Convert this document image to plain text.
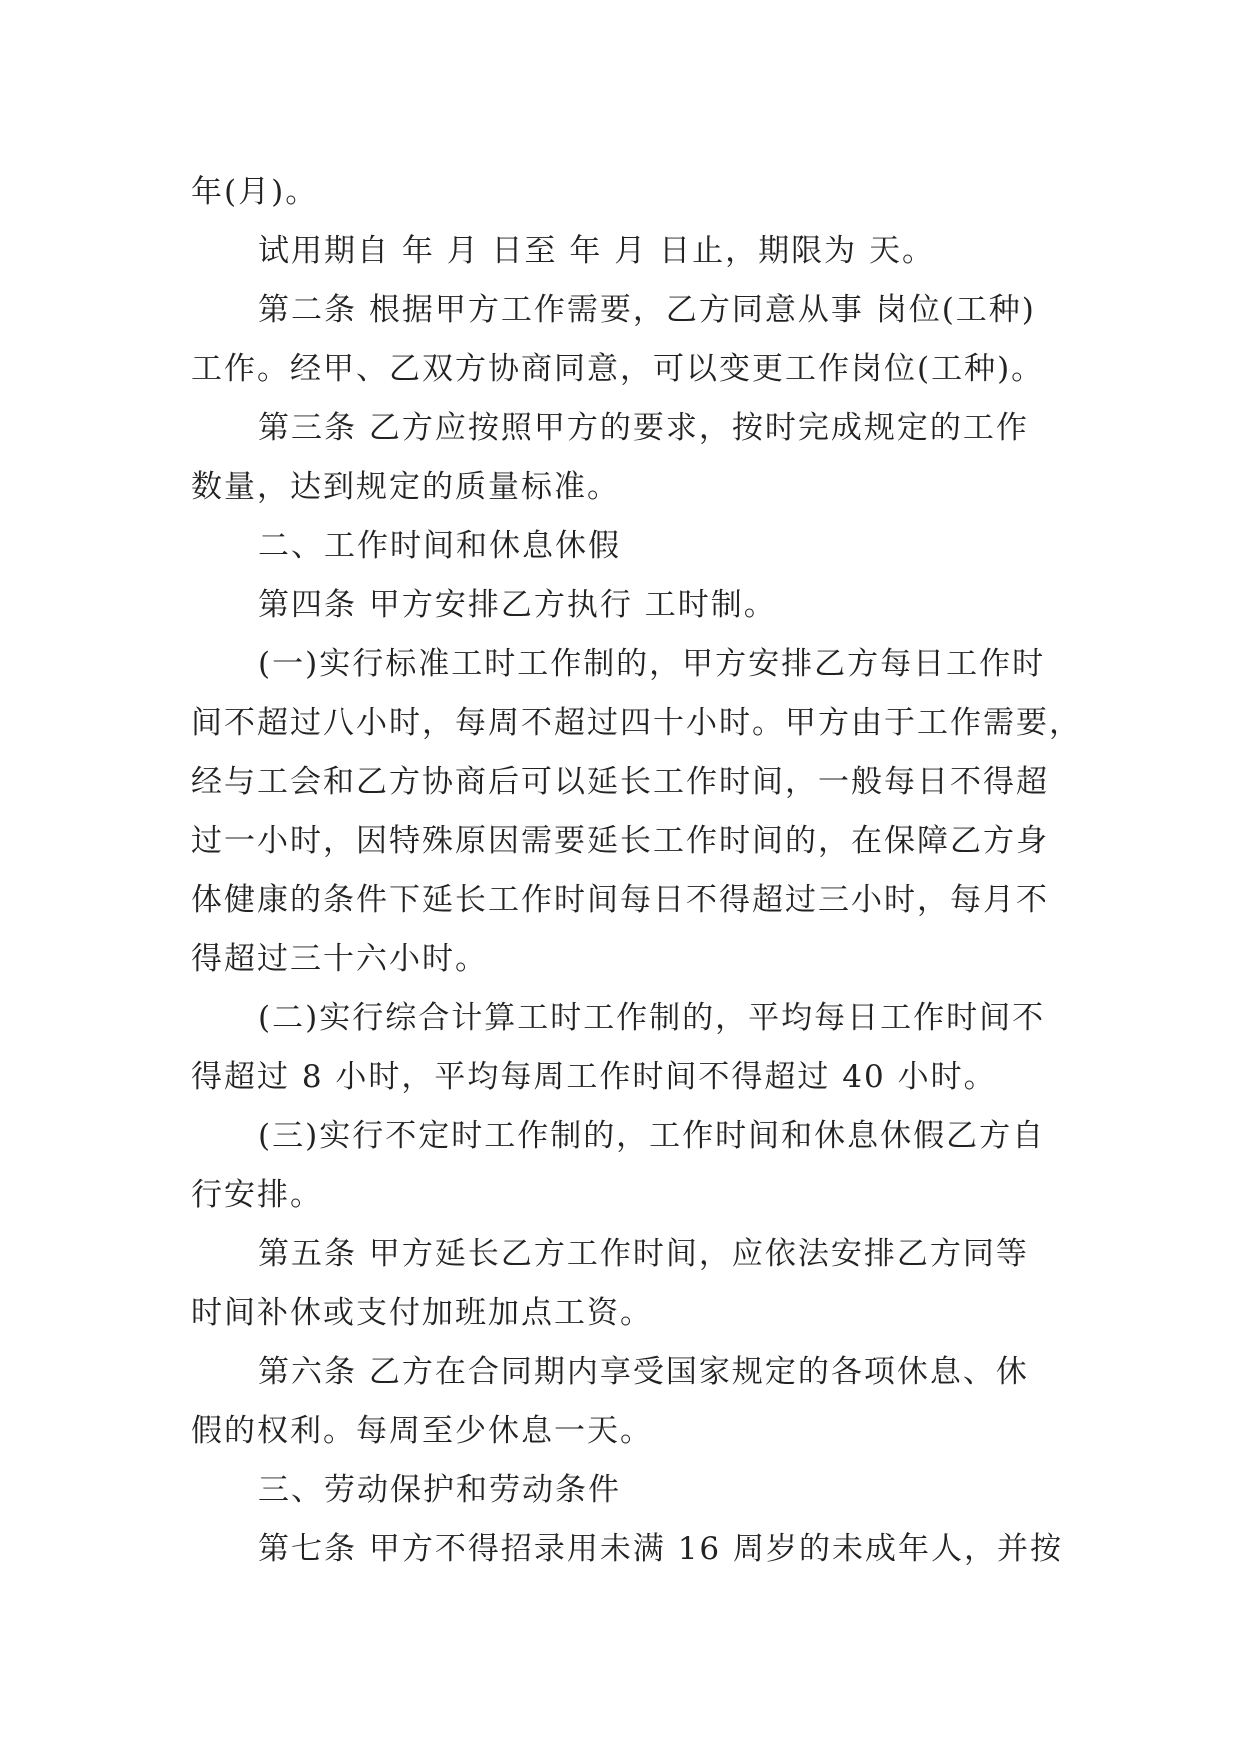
年(月)。
试用期自 年 月 日至 年 月 日止，期限为 天。
第二条 根据甲方工作需要，乙方同意从事 岗位(工种)
工作。经甲、乙双方协商同意，可以变更工作岗位(工种)。
第三条 乙方应按照甲方的要求，按时完成规定的工作
数量，达到规定的质量标准。
二、工作时间和休息休假
第四条 甲方安排乙方执行 工时制。
(一)实行标准工时工作制的，甲方安排乙方每日工作时
间不超过八小时，每周不超过四十小时。甲方由于工作需要，
经与工会和乙方协商后可以延长工作时间，一般每日不得超
过一小时，因特殊原因需要延长工作时间的，在保障乙方身
体健康的条件下延长工作时间每日不得超过三小时，每月不
得超过三十六小时。
(二)实行综合计算工时工作制的，平均每日工作时间不
得超过 8 小时，平均每周工作时间不得超过 40 小时。
(三)实行不定时工作制的，工作时间和休息休假乙方自
行安排。
第五条 甲方延长乙方工作时间，应依法安排乙方同等
时间补休或支付加班加点工资。
第六条 乙方在合同期内享受国家规定的各项休息、休
假的权利。每周至少休息一天。
三、劳动保护和劳动条件
第七条 甲方不得招录用未满 16 周岁的未成年人，并按
